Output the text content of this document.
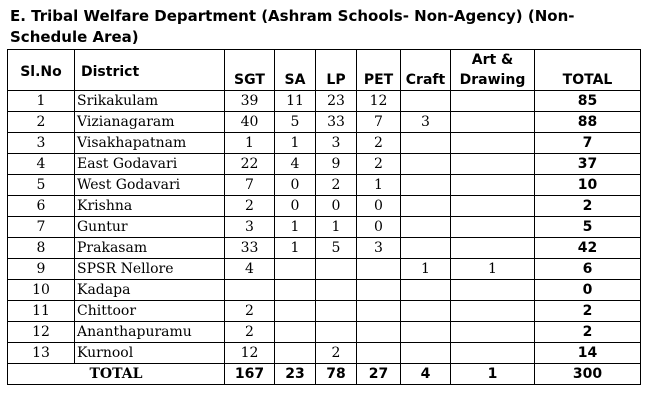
E. Tribal Welfare Department (Ashram Schools- Non-Agency) (Non-Schedule Area)
Sl.No	District	SGT	SA	LP	PET	Craft	Art &
Drawing	TOTAL
1	Srikakulam	39	11	23	12			85
2	Vizianagaram	40	5	33	7	3		88
3	Visakhapatnam	1	1	3	2			7
4	East Godavari	22	4	9	2			37
5	West Godavari	7	0	2	1			10
6	Krishna	2	0	0	0			2
7	Guntur	3	1	1	0			5
8	Prakasam	33	1	5	3			42
9	SPSR Nellore	4				1	1	6
10	Kadapa							0
11	Chittoor	2						2
12	Ananthapuramu	2						2
13	Kurnool	12		2				14
TOTAL		167	23	78	27	4	1	300
